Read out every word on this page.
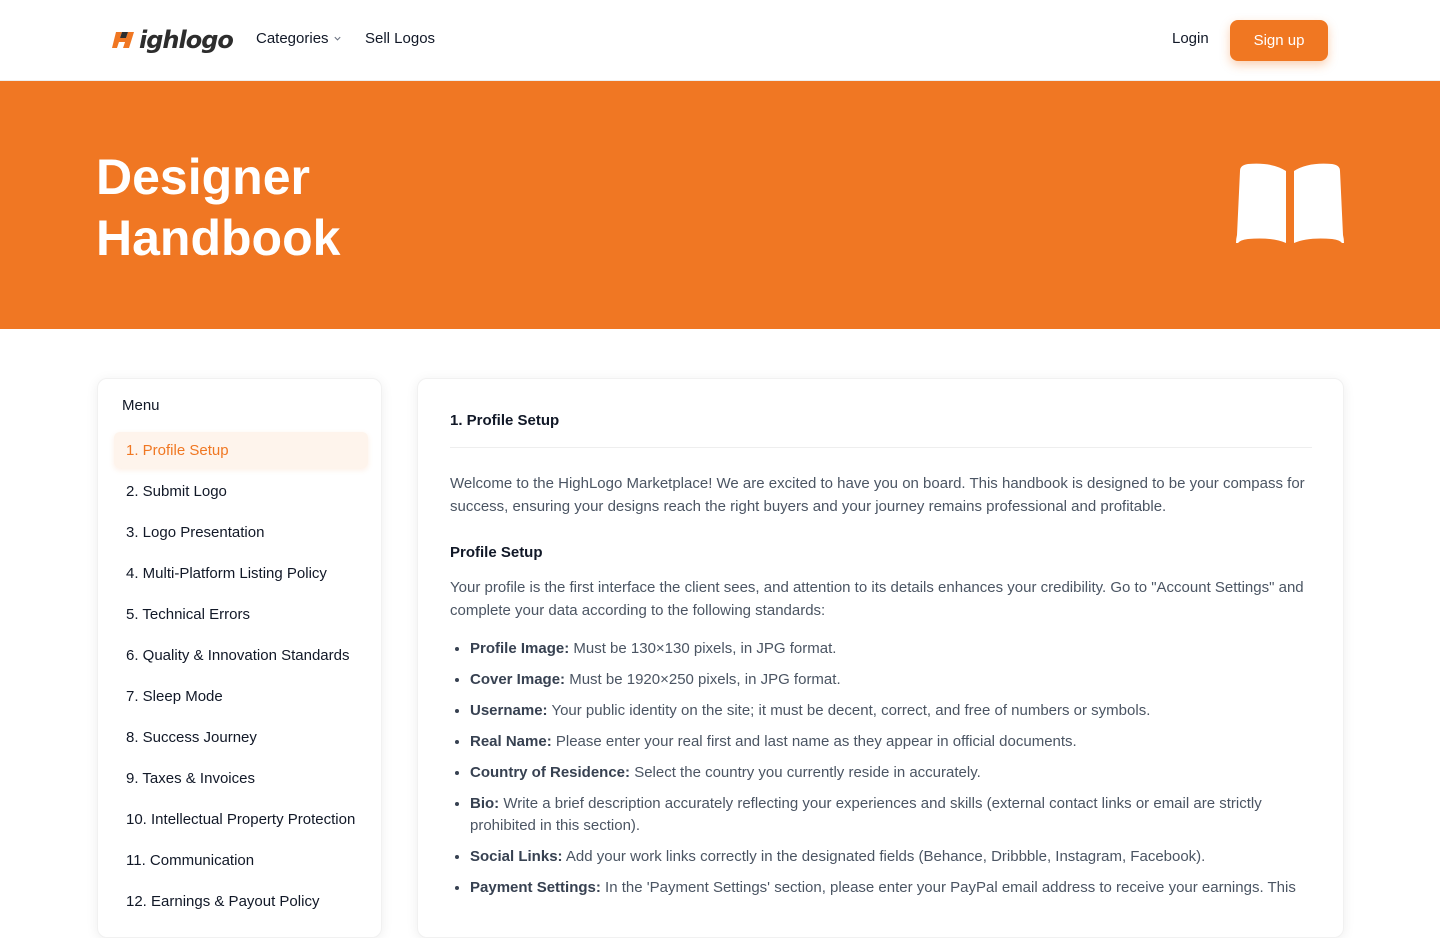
ighlogo Categories Sell Logos	Login	Sign up
Designer
Handbook
Menu
1. Profile Setup
2. Submit Logo
3. Logo Presentation
4. Multi-Platform Listing Policy
5. Technical Errors
6. Quality & Innovation Standards
7. Sleep Mode
8. Success Journey
9. Taxes & Invoices
10. Intellectual Property Protection
11. Communication
12. Earnings & Payout Policy
1. Profile Setup

Welcome to the HighLogo Marketplace! We are excited to have you on board. This handbook is designed to be your compass for success, ensuring your designs reach the right buyers and your journey remains professional and profitable.

Profile Setup

Your profile is the first interface the client sees, and attention to its details enhances your credibility. Go to "Account Settings" and complete your data according to the following standards:

• Profile Image: Must be 130×130 pixels, in JPG format.
• Cover Image: Must be 1920×250 pixels, in JPG format.
• Username: Your public identity on the site; it must be decent, correct, and free of numbers or symbols.
• Real Name: Please enter your real first and last name as they appear in official documents.
• Country of Residence: Select the country you currently reside in accurately.
• Bio: Write a brief description accurately reflecting your experiences and skills (external contact links or email are strictly prohibited in this section).
• Social Links: Add your work links correctly in the designated fields (Behance, Dribbble, Instagram, Facebook).
• Payment Settings: In the 'Payment Settings' section, please enter your PayPal email address to receive your earnings. This
